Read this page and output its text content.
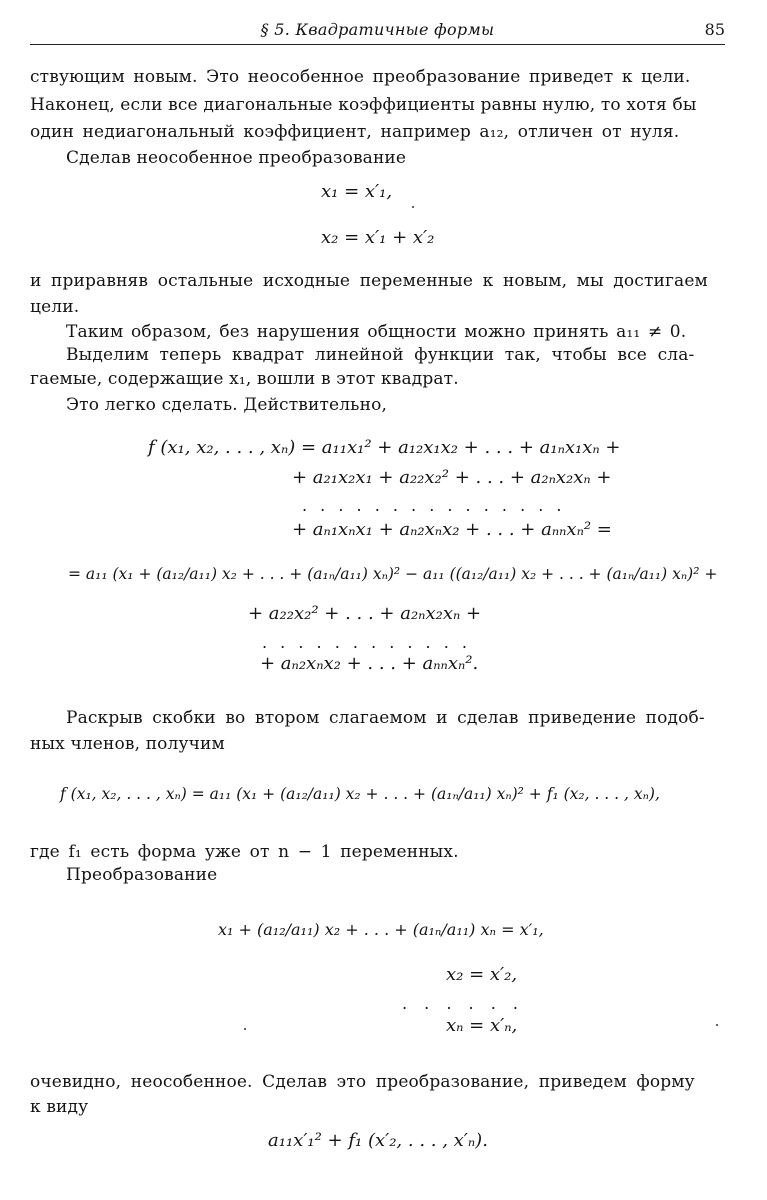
§ 5. Квадратичные формы	85
ствующим новым. Это неособенное преобразование приведет к цели.
Наконец, если все диагональные коэффициенты равны нулю, то хотя бы
один недиагональный коэффициент, например a₁₂, отличен от нуля.
Сделав неособенное преобразование
x₁ = x′₁,
x₂ = x′₁ + x′₂
и приравняв остальные исходные переменные к новым, мы достигаем
цели.
Таким образом, без нарушения общности можно принять a₁₁ ≠ 0.
Выделим теперь квадрат линейной функции так, чтобы все сла-
гаемые, содержащие x₁, вошли в этот квадрат.
Это легко сделать. Действительно,
f (x₁, x₂, . . . , xₙ) = a₁₁x₁² + a₁₂x₁x₂ + . . . + a₁ₙx₁xₙ +
+ a₂₁x₂x₁ + a₂₂x₂² + . . . + a₂ₙx₂xₙ +
. . . . . . . . . . . . . . .
+ aₙ₁xₙx₁ + aₙ₂xₙx₂ + . . . + aₙₙxₙ² =
= a₁₁ (x₁ + (a₁₂/a₁₁) x₂ + . . . + (a₁ₙ/a₁₁) xₙ)² − a₁₁ ((a₁₂/a₁₁) x₂ + . . . + (a₁ₙ/a₁₁) xₙ)² +
+ a₂₂x₂² + . . . + a₂ₙx₂xₙ +
. . . . . . . . . . . .
+ aₙ₂xₙx₂ + . . . + aₙₙxₙ².
Раскрыв скобки во втором слагаемом и сделав приведение подоб-
ных членов, получим
f (x₁, x₂, . . . , xₙ) = a₁₁ (x₁ + (a₁₂/a₁₁) x₂ + . . . + (a₁ₙ/a₁₁) xₙ)² + f₁ (x₂, . . . , xₙ),
где f₁ есть форма уже от n − 1 переменных.
Преобразование
x₁ + (a₁₂/a₁₁) x₂ + . . . + (a₁ₙ/a₁₁) xₙ = x′₁,
x₂ = x′₂,
. . . . . .
xₙ = x′ₙ,
очевидно, неособенное. Сделав это преобразование, приведем форму
к виду
a₁₁x′₁² + f₁ (x′₂, . . . , x′ₙ).
